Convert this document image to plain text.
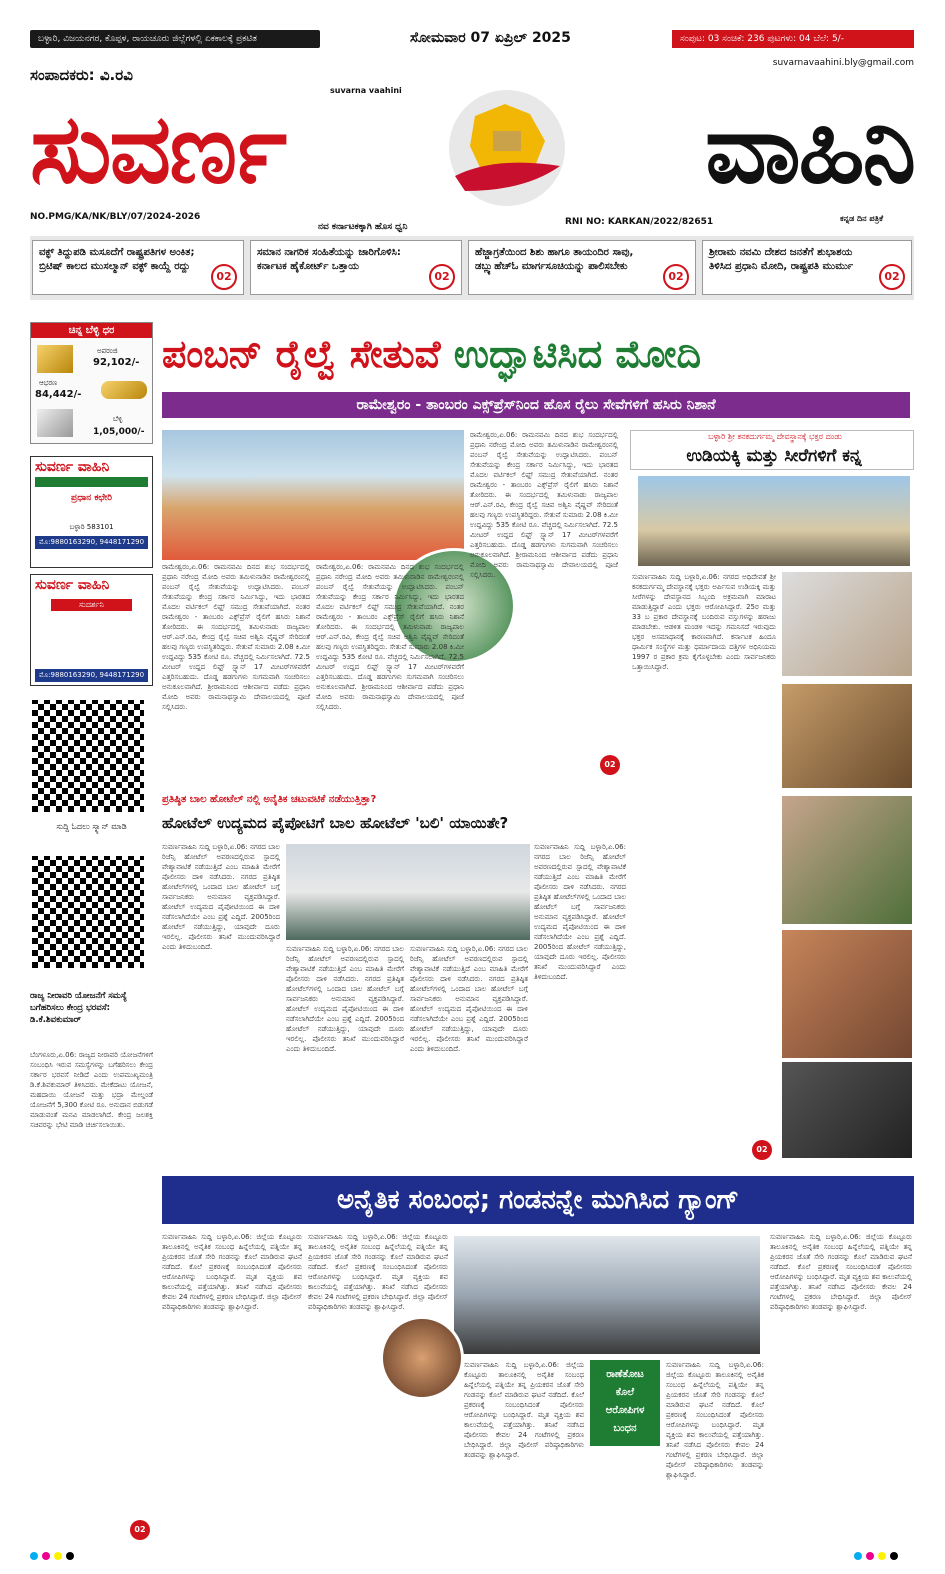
ಬಳ್ಳಾರಿ, ವಿಜಯನಗರ, ಕೊಪ್ಪಳ, ರಾಯಚೂರು ಜಿಲ್ಲೆಗಳಲ್ಲಿ ಏಕಕಾಲಕ್ಕೆ ಪ್ರಕಟಿತ	ಸೋಮವಾರ 07 ಏಪ್ರಿಲ್ 2025	ಸಂಪುಟ: 03 ಸಂಚಿಕೆ: 236 ಪುಟಗಳು: 04 ಬೆಲೆ: 5/-
suvarnavaahini.bly@gmail.com
ಸಂಪಾದಕರು: ವಿ.ರವಿ
suvarna vaahini
ಸುವರ್ಣ	ವಾಹಿನಿ
NO.PMG/KA/NK/BLY/07/2024-2026
ನವ ಕರ್ನಾಟಕಕ್ಕಾಗಿ ಹೊಸ ಧ್ವನಿ	RNI NO: KARKAN/2022/82651	ಕನ್ನಡ ದಿನ ಪತ್ರಿಕೆ
ವಕ್ಫ್ ತಿದ್ದುಪಡಿ ಮಸೂದೆಗೆ ರಾಷ್ಟ್ರಪತಿಗಳ ಅಂಕಿತ; ಬ್ರಿಟಿಷ್ ಕಾಲದ ಮುಸಲ್ಮಾನ್ ವಕ್ಫ್ ಕಾಯ್ದೆ ರದ್ದು
02
ಸಮಾನ ನಾಗರಿಕ ಸಂಹಿತೆಯನ್ನು ಜಾರಿಗೊಳಿಸಿ: ಕರ್ನಾಟಕ ಹೈಕೋರ್ಟ್ ಒತ್ತಾಯ
02
ಹೆಜ್ಜಾಗ್ರತೆಯಿಂದ ಶಿಶು ಹಾಗೂ ತಾಯಂದಿರ ಸಾವು, ಡಬ್ಲ್ಯುಹೆಚ್ಓ ಮಾರ್ಗಸೂಚಿಯನ್ನು ಪಾಲಿಸಬೇಕು
02
ಶ್ರೀರಾಮ ನವಮಿ ದೇಶದ ಜನತೆಗೆ ಶುಭಾಶಯ ತಿಳಿಸಿದ ಪ್ರಧಾನಿ ಮೋದಿ, ರಾಷ್ಟ್ರಪತಿ ಮುರ್ಮು
02
ಚಿನ್ನ ಬೆಳ್ಳಿ ಧರ
ಅಪರಂಜಿ
92,102/-
ಆಭರಣ
84,442/-
ಬೆಳ್ಳಿ
1,05,000/-
ಸುವರ್ಣ ವಾಹಿನಿ
ಪ್ರಧಾನ ಕಛೇರಿ
ಬಳ್ಳಾರಿ 583101
ಮೊ:9880163290, 9448171290
ಸುವರ್ಣ ವಾಹಿನಿ
ಸುದರ್ಶನಿ
ಮೊ:9880163290, 9448171290
ಸುದ್ದಿ ಓದಲು ಸ್ಕ್ಯಾನ್ ಮಾಡಿ
ರಾಜ್ಯ ನೀರಾವರಿ ಯೋಜನೆಗೆ ಸಮಸ್ಯೆ ಬಗೆಹರಿಸಲು ಕೇಂದ್ರ ಭರವಸೆ: ಡಿ.ಕೆ.ಶಿವಕುಮಾರ್
ಬೆಂಗಳೂರು,ಏ.06: ರಾಜ್ಯದ ನೀರಾವರಿ ಯೋಜನೆಗಳಿಗೆ ಸಂಬಂಧಿಸಿ ಇರುವ ಸಮಸ್ಯೆಗಳನ್ನು ಬಗೆಹರಿಸಲು ಕೇಂದ್ರ ಸರ್ಕಾರ ಭರವಸೆ ನೀಡಿದೆ ಎಂದು ಉಪಮುಖ್ಯಮಂತ್ರಿ ಡಿ.ಕೆ.ಶಿವಕುಮಾರ್ ತಿಳಿಸಿದರು. ಮೇಕೆದಾಟು ಯೋಜನೆ, ಮಹದಾಯಿ ಯೋಜನೆ ಮತ್ತು ಭದ್ರಾ ಮೇಲ್ದಂಡೆ ಯೋಜನೆಗೆ 5,300 ಕೋಟಿ ರೂ. ಅನುದಾನ ಬಿಡುಗಡೆ ಮಾಡುವಂತೆ ಮನವಿ ಮಾಡಲಾಗಿದೆ. ಕೇಂದ್ರ ಜಲಶಕ್ತಿ ಸಚಿವರನ್ನು ಭೇಟಿ ಮಾಡಿ ಚರ್ಚಿಸಲಾಯಿತು.
02
ಪಂಬನ್ ರೈಲ್ವೆ ಸೇತುವೆ ಉದ್ಘಾಟಿಸಿದ ಮೋದಿ
ರಾಮೇಶ್ವರಂ - ತಾಂಬರಂ ಎಕ್ಸ್‌ಪ್ರೆಸ್‌ನಿಂದ ಹೊಸ ರೈಲು ಸೇವೆಗಳಿಗೆ ಹಸಿರು ನಿಶಾನೆ
ರಾಮೇಶ್ವರಂ,ಏ.06: ರಾಮನವಮಿ ದಿನದ ಶುಭ ಸಂದರ್ಭದಲ್ಲಿ ಪ್ರಧಾನಿ ನರೇಂದ್ರ ಮೋದಿ ಅವರು ತಮಿಳುನಾಡಿನ ರಾಮೇಶ್ವರಂನಲ್ಲಿ ಪಂಬನ್ ರೈಲ್ವೆ ಸೇತುವೆಯನ್ನು ಉದ್ಘಾಟಿಸಿದರು. ಪಂಬನ್ ಸೇತುವೆಯನ್ನು ಕೇಂದ್ರ ಸರ್ಕಾರ ನಿರ್ಮಿಸಿದ್ದು, ಇದು ಭಾರತದ ಮೊದಲ ವರ್ಟಿಕಲ್ ಲಿಫ್ಟ್ ಸಮುದ್ರ ಸೇತುವೆಯಾಗಿದೆ. ನಂತರ ರಾಮೇಶ್ವರಂ - ತಾಂಬರಂ ಎಕ್ಸ್‌ಪ್ರೆಸ್ ರೈಲಿಗೆ ಹಸಿರು ನಿಶಾನೆ ತೋರಿದರು. ಈ ಸಂದರ್ಭದಲ್ಲಿ ತಮಿಳುನಾಡು ರಾಜ್ಯಪಾಲ ಆರ್.ಎನ್.ರವಿ, ಕೇಂದ್ರ ರೈಲ್ವೆ ಸಚಿವ ಅಶ್ವಿನಿ ವೈಷ್ಣವ್ ಸೇರಿದಂತೆ ಹಲವು ಗಣ್ಯರು ಉಪಸ್ಥಿತರಿದ್ದರು. ಸೇತುವೆ ಸುಮಾರು 2.08 ಕಿ.ಮೀ ಉದ್ದವಿದ್ದು 535 ಕೋಟಿ ರೂ. ವೆಚ್ಚದಲ್ಲಿ ನಿರ್ಮಿಸಲಾಗಿದೆ. 72.5 ಮೀಟರ್ ಉದ್ದದ ಲಿಫ್ಟ್ ಸ್ಪ್ಯಾನ್ 17 ಮೀಟರ್‌ಗಳವರೆಗೆ ಎತ್ತರಿಸಬಹುದು. ದೊಡ್ಡ ಹಡಗುಗಳು ಸುಗಮವಾಗಿ ಸಂಚರಿಸಲು ಅನುಕೂಲವಾಗಿದೆ. ಶ್ರೀರಾಮನಿಂದ ಆಶೀರ್ವಾದ ಪಡೆದು ಪ್ರಧಾನಿ ಮೋದಿ ಅವರು ರಾಮನಾಥಸ್ವಾಮಿ ದೇವಾಲಯದಲ್ಲಿ ಪೂಜೆ ಸಲ್ಲಿಸಿದರು.
ರಾಮೇಶ್ವರಂ,ಏ.06: ರಾಮನವಮಿ ದಿನದ ಶುಭ ಸಂದರ್ಭದಲ್ಲಿ ಪ್ರಧಾನಿ ನರೇಂದ್ರ ಮೋದಿ ಅವರು ತಮಿಳುನಾಡಿನ ರಾಮೇಶ್ವರಂನಲ್ಲಿ ಪಂಬನ್ ರೈಲ್ವೆ ಸೇತುವೆಯನ್ನು ಉದ್ಘಾಟಿಸಿದರು. ಪಂಬನ್ ಸೇತುವೆಯನ್ನು ಕೇಂದ್ರ ಸರ್ಕಾರ ನಿರ್ಮಿಸಿದ್ದು, ಇದು ಭಾರತದ ಮೊದಲ ವರ್ಟಿಕಲ್ ಲಿಫ್ಟ್ ಸಮುದ್ರ ಸೇತುವೆಯಾಗಿದೆ. ನಂತರ ರಾಮೇಶ್ವರಂ - ತಾಂಬರಂ ಎಕ್ಸ್‌ಪ್ರೆಸ್ ರೈಲಿಗೆ ಹಸಿರು ನಿಶಾನೆ ತೋರಿದರು. ಈ ಸಂದರ್ಭದಲ್ಲಿ ತಮಿಳುನಾಡು ರಾಜ್ಯಪಾಲ ಆರ್.ಎನ್.ರವಿ, ಕೇಂದ್ರ ರೈಲ್ವೆ ಸಚಿವ ಅಶ್ವಿನಿ ವೈಷ್ಣವ್ ಸೇರಿದಂತೆ ಹಲವು ಗಣ್ಯರು ಉಪಸ್ಥಿತರಿದ್ದರು. ಸೇತುವೆ ಸುಮಾರು 2.08 ಕಿ.ಮೀ ಉದ್ದವಿದ್ದು 535 ಕೋಟಿ ರೂ. ವೆಚ್ಚದಲ್ಲಿ ನಿರ್ಮಿಸಲಾಗಿದೆ. 72.5 ಮೀಟರ್ ಉದ್ದದ ಲಿಫ್ಟ್ ಸ್ಪ್ಯಾನ್ 17 ಮೀಟರ್‌ಗಳವರೆಗೆ ಎತ್ತರಿಸಬಹುದು. ದೊಡ್ಡ ಹಡಗುಗಳು ಸುಗಮವಾಗಿ ಸಂಚರಿಸಲು ಅನುಕೂಲವಾಗಿದೆ. ಶ್ರೀರಾಮನಿಂದ ಆಶೀರ್ವಾದ ಪಡೆದು ಪ್ರಧಾನಿ ಮೋದಿ ಅವರು ರಾಮನಾಥಸ್ವಾಮಿ ದೇವಾಲಯದಲ್ಲಿ ಪೂಜೆ ಸಲ್ಲಿಸಿದರು.
ರಾಮೇಶ್ವರಂ,ಏ.06: ರಾಮನವಮಿ ದಿನದ ಶುಭ ಸಂದರ್ಭದಲ್ಲಿ ಪ್ರಧಾನಿ ನರೇಂದ್ರ ಮೋದಿ ಅವರು ತಮಿಳುನಾಡಿನ ರಾಮೇಶ್ವರಂನಲ್ಲಿ ಪಂಬನ್ ರೈಲ್ವೆ ಸೇತುವೆಯನ್ನು ಉದ್ಘಾಟಿಸಿದರು. ಪಂಬನ್ ಸೇತುವೆಯನ್ನು ಕೇಂದ್ರ ಸರ್ಕಾರ ನಿರ್ಮಿಸಿದ್ದು, ಇದು ಭಾರತದ ಮೊದಲ ವರ್ಟಿಕಲ್ ಲಿಫ್ಟ್ ಸಮುದ್ರ ಸೇತುವೆಯಾಗಿದೆ. ನಂತರ ರಾಮೇಶ್ವರಂ - ತಾಂಬರಂ ಎಕ್ಸ್‌ಪ್ರೆಸ್ ರೈಲಿಗೆ ಹಸಿರು ನಿಶಾನೆ ತೋರಿದರು. ಈ ಸಂದರ್ಭದಲ್ಲಿ ತಮಿಳುನಾಡು ರಾಜ್ಯಪಾಲ ಆರ್.ಎನ್.ರವಿ, ಕೇಂದ್ರ ರೈಲ್ವೆ ಸಚಿವ ಅಶ್ವಿನಿ ವೈಷ್ಣವ್ ಸೇರಿದಂತೆ ಹಲವು ಗಣ್ಯರು ಉಪಸ್ಥಿತರಿದ್ದರು. ಸೇತುವೆ ಸುಮಾರು 2.08 ಕಿ.ಮೀ ಉದ್ದವಿದ್ದು 535 ಕೋಟಿ ರೂ. ವೆಚ್ಚದಲ್ಲಿ ನಿರ್ಮಿಸಲಾಗಿದೆ. 72.5 ಮೀಟರ್ ಉದ್ದದ ಲಿಫ್ಟ್ ಸ್ಪ್ಯಾನ್ 17 ಮೀಟರ್‌ಗಳವರೆಗೆ ಎತ್ತರಿಸಬಹುದು. ದೊಡ್ಡ ಹಡಗುಗಳು ಸುಗಮವಾಗಿ ಸಂಚರಿಸಲು ಅನುಕೂಲವಾಗಿದೆ. ಶ್ರೀರಾಮನಿಂದ ಆಶೀರ್ವಾದ ಪಡೆದು ಪ್ರಧಾನಿ ಮೋದಿ ಅವರು ರಾಮನಾಥಸ್ವಾಮಿ ದೇವಾಲಯದಲ್ಲಿ ಪೂಜೆ ಸಲ್ಲಿಸಿದರು.
02
ಬಳ್ಳಾರಿ ಶ್ರೀ ಕನಕದುರ್ಗಮ್ಮ ದೇವಸ್ಥಾನಕ್ಕೆ ಭಕ್ತರ ದಂಡು
ಉಡಿಯಕ್ಕಿ ಮತ್ತು ಸೀರೆಗಳಿಗೆ ಕನ್ನ
ಸುವರ್ಣವಾಹಿನಿ ಸುದ್ದಿ ಬಳ್ಳಾರಿ,ಏ.06: ನಗರದ ಅಧಿದೇವತೆ ಶ್ರೀ ಕನಕದುರ್ಗಮ್ಮ ದೇವಸ್ಥಾನಕ್ಕೆ ಭಕ್ತರು ಅರ್ಪಿಸುವ ಉಡಿಯಕ್ಕಿ ಮತ್ತು ಸೀರೆಗಳನ್ನು ದೇವಸ್ಥಾನದ ಸಿಬ್ಬಂದಿ ಅಕ್ರಮವಾಗಿ ಮಾರಾಟ ಮಾಡುತ್ತಿದ್ದಾರೆ ಎಂದು ಭಕ್ತರು ಆರೋಪಿಸಿದ್ದಾರೆ. 25ರ ಮತ್ತು 33 ಬ ಪ್ರಕಾರ ದೇವಸ್ಥಾನಕ್ಕೆ ಬಂದಿರುವ ವಸ್ತುಗಳನ್ನು ಹರಾಜು ಮಾಡಬೇಕು. ಆಡಳಿತ ಮಂಡಳಿ ಇದನ್ನು ಗಮನಿಸದೆ ಇರುವುದು ಭಕ್ತರ ಅಸಮಾಧಾನಕ್ಕೆ ಕಾರಣವಾಗಿದೆ. ಕರ್ನಾಟಕ ಹಿಂದೂ ಧಾರ್ಮಿಕ ಸಂಸ್ಥೆಗಳ ಮತ್ತು ಧರ್ಮಾದಾಯ ದತ್ತಿಗಳ ಅಧಿನಿಯಮ 1997 ರ ಪ್ರಕಾರ ಕ್ರಮ ಕೈಗೊಳ್ಳಬೇಕು ಎಂದು ಸಾರ್ವಜನಿಕರು ಒತ್ತಾಯಿಸಿದ್ದಾರೆ.
02
ಪ್ರತಿಷ್ಠಿತ ಬಾಲ ಹೋಟೆಲ್ ನಲ್ಲಿ ಅನೈತಿಕ ಚಟುವಟಿಕೆ ನಡೆಯುತ್ತಿತ್ತಾ?
ಹೋಟೆಲ್ ಉದ್ಯಮದ ಪೈಪೋಟಿಗೆ ಬಾಲ ಹೋಟೆಲ್ 'ಬಲಿ' ಯಾಯಿತೇ?
ಸುವರ್ಣವಾಹಿನಿ ಸುದ್ದಿ ಬಳ್ಳಾರಿ,ಏ.06: ನಗರದ ಬಾಲ ರಿಜೆನ್ಸಿ ಹೋಟೆಲ್ ಅವರಣದಲ್ಲಿರುವ ಸ್ಪಾದಲ್ಲಿ ವೇಶ್ಯಾವಾಟಿಕೆ ನಡೆಯುತ್ತಿದೆ ಎಂಬ ಮಾಹಿತಿ ಮೇರೆಗೆ ಪೊಲೀಸರು ದಾಳಿ ನಡೆಸಿದರು. ನಗರದ ಪ್ರತಿಷ್ಠಿತ ಹೋಟೆಲ್‌ಗಳಲ್ಲಿ ಒಂದಾದ ಬಾಲ ಹೋಟೆಲ್ ಬಗ್ಗೆ ಸಾರ್ವಜನಿಕರು ಅನುಮಾನ ವ್ಯಕ್ತಪಡಿಸಿದ್ದಾರೆ. ಹೋಟೆಲ್ ಉದ್ಯಮದ ಪೈಪೋಟಿಯಿಂದ ಈ ದಾಳಿ ನಡೆಸಲಾಗಿದೆಯೇ ಎಂಬ ಪ್ರಶ್ನೆ ಎದ್ದಿದೆ. 2005ರಿಂದ ಹೋಟೆಲ್ ನಡೆಯುತ್ತಿದ್ದು, ಯಾವುದೇ ದೂರು ಇರಲಿಲ್ಲ. ಪೊಲೀಸರು ತನಿಖೆ ಮುಂದುವರಿಸಿದ್ದಾರೆ ಎಂದು ತಿಳಿದುಬಂದಿದೆ.	ಸುವರ್ಣವಾಹಿನಿ ಸುದ್ದಿ ಬಳ್ಳಾರಿ,ಏ.06: ನಗರದ ಬಾಲ ರಿಜೆನ್ಸಿ ಹೋಟೆಲ್ ಅವರಣದಲ್ಲಿರುವ ಸ್ಪಾದಲ್ಲಿ ವೇಶ್ಯಾವಾಟಿಕೆ ನಡೆಯುತ್ತಿದೆ ಎಂಬ ಮಾಹಿತಿ ಮೇರೆಗೆ ಪೊಲೀಸರು ದಾಳಿ ನಡೆಸಿದರು. ನಗರದ ಪ್ರತಿಷ್ಠಿತ ಹೋಟೆಲ್‌ಗಳಲ್ಲಿ ಒಂದಾದ ಬಾಲ ಹೋಟೆಲ್ ಬಗ್ಗೆ ಸಾರ್ವಜನಿಕರು ಅನುಮಾನ ವ್ಯಕ್ತಪಡಿಸಿದ್ದಾರೆ. ಹೋಟೆಲ್ ಉದ್ಯಮದ ಪೈಪೋಟಿಯಿಂದ ಈ ದಾಳಿ ನಡೆಸಲಾಗಿದೆಯೇ ಎಂಬ ಪ್ರಶ್ನೆ ಎದ್ದಿದೆ. 2005ರಿಂದ ಹೋಟೆಲ್ ನಡೆಯುತ್ತಿದ್ದು, ಯಾವುದೇ ದೂರು ಇರಲಿಲ್ಲ. ಪೊಲೀಸರು ತನಿಖೆ ಮುಂದುವರಿಸಿದ್ದಾರೆ ಎಂದು ತಿಳಿದುಬಂದಿದೆ.
ಸುವರ್ಣವಾಹಿನಿ ಸುದ್ದಿ ಬಳ್ಳಾರಿ,ಏ.06: ನಗರದ ಬಾಲ ರಿಜೆನ್ಸಿ ಹೋಟೆಲ್ ಅವರಣದಲ್ಲಿರುವ ಸ್ಪಾದಲ್ಲಿ ವೇಶ್ಯಾವಾಟಿಕೆ ನಡೆಯುತ್ತಿದೆ ಎಂಬ ಮಾಹಿತಿ ಮೇರೆಗೆ ಪೊಲೀಸರು ದಾಳಿ ನಡೆಸಿದರು. ನಗರದ ಪ್ರತಿಷ್ಠಿತ ಹೋಟೆಲ್‌ಗಳಲ್ಲಿ ಒಂದಾದ ಬಾಲ ಹೋಟೆಲ್ ಬಗ್ಗೆ ಸಾರ್ವಜನಿಕರು ಅನುಮಾನ ವ್ಯಕ್ತಪಡಿಸಿದ್ದಾರೆ. ಹೋಟೆಲ್ ಉದ್ಯಮದ ಪೈಪೋಟಿಯಿಂದ ಈ ದಾಳಿ ನಡೆಸಲಾಗಿದೆಯೇ ಎಂಬ ಪ್ರಶ್ನೆ ಎದ್ದಿದೆ. 2005ರಿಂದ ಹೋಟೆಲ್ ನಡೆಯುತ್ತಿದ್ದು, ಯಾವುದೇ ದೂರು ಇರಲಿಲ್ಲ. ಪೊಲೀಸರು ತನಿಖೆ ಮುಂದುವರಿಸಿದ್ದಾರೆ ಎಂದು ತಿಳಿದುಬಂದಿದೆ.
ಸುವರ್ಣವಾಹಿನಿ ಸುದ್ದಿ ಬಳ್ಳಾರಿ,ಏ.06: ನಗರದ ಬಾಲ ರಿಜೆನ್ಸಿ ಹೋಟೆಲ್ ಅವರಣದಲ್ಲಿರುವ ಸ್ಪಾದಲ್ಲಿ ವೇಶ್ಯಾವಾಟಿಕೆ ನಡೆಯುತ್ತಿದೆ ಎಂಬ ಮಾಹಿತಿ ಮೇರೆಗೆ ಪೊಲೀಸರು ದಾಳಿ ನಡೆಸಿದರು. ನಗರದ ಪ್ರತಿಷ್ಠಿತ ಹೋಟೆಲ್‌ಗಳಲ್ಲಿ ಒಂದಾದ ಬಾಲ ಹೋಟೆಲ್ ಬಗ್ಗೆ ಸಾರ್ವಜನಿಕರು ಅನುಮಾನ ವ್ಯಕ್ತಪಡಿಸಿದ್ದಾರೆ. ಹೋಟೆಲ್ ಉದ್ಯಮದ ಪೈಪೋಟಿಯಿಂದ ಈ ದಾಳಿ ನಡೆಸಲಾಗಿದೆಯೇ ಎಂಬ ಪ್ರಶ್ನೆ ಎದ್ದಿದೆ. 2005ರಿಂದ ಹೋಟೆಲ್ ನಡೆಯುತ್ತಿದ್ದು, ಯಾವುದೇ ದೂರು ಇರಲಿಲ್ಲ. ಪೊಲೀಸರು ತನಿಖೆ ಮುಂದುವರಿಸಿದ್ದಾರೆ ಎಂದು ತಿಳಿದುಬಂದಿದೆ.
ಅನೈತಿಕ ಸಂಬಂಧ; ಗಂಡನನ್ನೇ ಮುಗಿಸಿದ ಗ್ಯಾಂಗ್
ಸುವರ್ಣವಾಹಿನಿ ಸುದ್ದಿ ಬಳ್ಳಾರಿ,ಏ.06: ಜಿಲ್ಲೆಯ ಕೊಟ್ಟೂರು ತಾಲೂಕಿನಲ್ಲಿ ಅನೈತಿಕ ಸಂಬಂಧ ಹಿನ್ನೆಲೆಯಲ್ಲಿ ಪತ್ನಿಯೇ ತನ್ನ ಪ್ರಿಯಕರನ ಜೊತೆ ಸೇರಿ ಗಂಡನನ್ನು ಕೊಲೆ ಮಾಡಿರುವ ಘಟನೆ ನಡೆದಿದೆ. ಕೊಲೆ ಪ್ರಕರಣಕ್ಕೆ ಸಂಬಂಧಿಸಿದಂತೆ ಪೊಲೀಸರು ಆರೋಪಿಗಳನ್ನು ಬಂಧಿಸಿದ್ದಾರೆ. ಮೃತ ವ್ಯಕ್ತಿಯ ಶವ ಕಾಲುವೆಯಲ್ಲಿ ಪತ್ತೆಯಾಗಿತ್ತು. ತನಿಖೆ ನಡೆಸಿದ ಪೊಲೀಸರು ಕೇವಲ 24 ಗಂಟೆಗಳಲ್ಲಿ ಪ್ರಕರಣ ಬೇಧಿಸಿದ್ದಾರೆ. ಜಿಲ್ಲಾ ಪೊಲೀಸ್ ವರಿಷ್ಠಾಧಿಕಾರಿಗಳು ತಂಡವನ್ನು ಶ್ಲಾಘಿಸಿದ್ದಾರೆ.
ಸುವರ್ಣವಾಹಿನಿ ಸುದ್ದಿ ಬಳ್ಳಾರಿ,ಏ.06: ಜಿಲ್ಲೆಯ ಕೊಟ್ಟೂರು ತಾಲೂಕಿನಲ್ಲಿ ಅನೈತಿಕ ಸಂಬಂಧ ಹಿನ್ನೆಲೆಯಲ್ಲಿ ಪತ್ನಿಯೇ ತನ್ನ ಪ್ರಿಯಕರನ ಜೊತೆ ಸೇರಿ ಗಂಡನನ್ನು ಕೊಲೆ ಮಾಡಿರುವ ಘಟನೆ ನಡೆದಿದೆ. ಕೊಲೆ ಪ್ರಕರಣಕ್ಕೆ ಸಂಬಂಧಿಸಿದಂತೆ ಪೊಲೀಸರು ಆರೋಪಿಗಳನ್ನು ಬಂಧಿಸಿದ್ದಾರೆ. ಮೃತ ವ್ಯಕ್ತಿಯ ಶವ ಕಾಲುವೆಯಲ್ಲಿ ಪತ್ತೆಯಾಗಿತ್ತು. ತನಿಖೆ ನಡೆಸಿದ ಪೊಲೀಸರು ಕೇವಲ 24 ಗಂಟೆಗಳಲ್ಲಿ ಪ್ರಕರಣ ಬೇಧಿಸಿದ್ದಾರೆ. ಜಿಲ್ಲಾ ಪೊಲೀಸ್ ವರಿಷ್ಠಾಧಿಕಾರಿಗಳು ತಂಡವನ್ನು ಶ್ಲಾಘಿಸಿದ್ದಾರೆ.
ರಾಣೆತೋಟ
ಕೊಲೆ
ಆರೋಪಿಗಳ
ಬಂಧನ
ಸುವರ್ಣವಾಹಿನಿ ಸುದ್ದಿ ಬಳ್ಳಾರಿ,ಏ.06: ಜಿಲ್ಲೆಯ ಕೊಟ್ಟೂರು ತಾಲೂಕಿನಲ್ಲಿ ಅನೈತಿಕ ಸಂಬಂಧ ಹಿನ್ನೆಲೆಯಲ್ಲಿ ಪತ್ನಿಯೇ ತನ್ನ ಪ್ರಿಯಕರನ ಜೊತೆ ಸೇರಿ ಗಂಡನನ್ನು ಕೊಲೆ ಮಾಡಿರುವ ಘಟನೆ ನಡೆದಿದೆ. ಕೊಲೆ ಪ್ರಕರಣಕ್ಕೆ ಸಂಬಂಧಿಸಿದಂತೆ ಪೊಲೀಸರು ಆರೋಪಿಗಳನ್ನು ಬಂಧಿಸಿದ್ದಾರೆ. ಮೃತ ವ್ಯಕ್ತಿಯ ಶವ ಕಾಲುವೆಯಲ್ಲಿ ಪತ್ತೆಯಾಗಿತ್ತು. ತನಿಖೆ ನಡೆಸಿದ ಪೊಲೀಸರು ಕೇವಲ 24 ಗಂಟೆಗಳಲ್ಲಿ ಪ್ರಕರಣ ಬೇಧಿಸಿದ್ದಾರೆ. ಜಿಲ್ಲಾ ಪೊಲೀಸ್ ವರಿಷ್ಠಾಧಿಕಾರಿಗಳು ತಂಡವನ್ನು ಶ್ಲಾಘಿಸಿದ್ದಾರೆ.
ಸುವರ್ಣವಾಹಿನಿ ಸುದ್ದಿ ಬಳ್ಳಾರಿ,ಏ.06: ಜಿಲ್ಲೆಯ ಕೊಟ್ಟೂರು ತಾಲೂಕಿನಲ್ಲಿ ಅನೈತಿಕ ಸಂಬಂಧ ಹಿನ್ನೆಲೆಯಲ್ಲಿ ಪತ್ನಿಯೇ ತನ್ನ ಪ್ರಿಯಕರನ ಜೊತೆ ಸೇರಿ ಗಂಡನನ್ನು ಕೊಲೆ ಮಾಡಿರುವ ಘಟನೆ ನಡೆದಿದೆ. ಕೊಲೆ ಪ್ರಕರಣಕ್ಕೆ ಸಂಬಂಧಿಸಿದಂತೆ ಪೊಲೀಸರು ಆರೋಪಿಗಳನ್ನು ಬಂಧಿಸಿದ್ದಾರೆ. ಮೃತ ವ್ಯಕ್ತಿಯ ಶವ ಕಾಲುವೆಯಲ್ಲಿ ಪತ್ತೆಯಾಗಿತ್ತು. ತನಿಖೆ ನಡೆಸಿದ ಪೊಲೀಸರು ಕೇವಲ 24 ಗಂಟೆಗಳಲ್ಲಿ ಪ್ರಕರಣ ಬೇಧಿಸಿದ್ದಾರೆ. ಜಿಲ್ಲಾ ಪೊಲೀಸ್ ವರಿಷ್ಠಾಧಿಕಾರಿಗಳು ತಂಡವನ್ನು ಶ್ಲಾಘಿಸಿದ್ದಾರೆ.
ಸುವರ್ಣವಾಹಿನಿ ಸುದ್ದಿ ಬಳ್ಳಾರಿ,ಏ.06: ಜಿಲ್ಲೆಯ ಕೊಟ್ಟೂರು ತಾಲೂಕಿನಲ್ಲಿ ಅನೈತಿಕ ಸಂಬಂಧ ಹಿನ್ನೆಲೆಯಲ್ಲಿ ಪತ್ನಿಯೇ ತನ್ನ ಪ್ರಿಯಕರನ ಜೊತೆ ಸೇರಿ ಗಂಡನನ್ನು ಕೊಲೆ ಮಾಡಿರುವ ಘಟನೆ ನಡೆದಿದೆ. ಕೊಲೆ ಪ್ರಕರಣಕ್ಕೆ ಸಂಬಂಧಿಸಿದಂತೆ ಪೊಲೀಸರು ಆರೋಪಿಗಳನ್ನು ಬಂಧಿಸಿದ್ದಾರೆ. ಮೃತ ವ್ಯಕ್ತಿಯ ಶವ ಕಾಲುವೆಯಲ್ಲಿ ಪತ್ತೆಯಾಗಿತ್ತು. ತನಿಖೆ ನಡೆಸಿದ ಪೊಲೀಸರು ಕೇವಲ 24 ಗಂಟೆಗಳಲ್ಲಿ ಪ್ರಕರಣ ಬೇಧಿಸಿದ್ದಾರೆ. ಜಿಲ್ಲಾ ಪೊಲೀಸ್ ವರಿಷ್ಠಾಧಿಕಾರಿಗಳು ತಂಡವನ್ನು ಶ್ಲಾಘಿಸಿದ್ದಾರೆ.
